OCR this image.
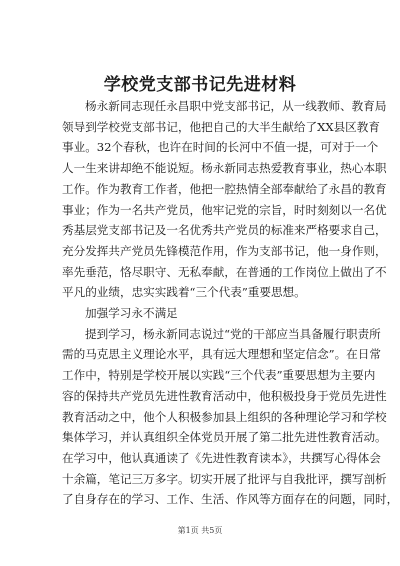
学校党支部书记先进材料

杨永新同志现任永昌职中党支部书记，从一线教师、教育局
领导到学校党支部书记，他把自己的大半生献给了XX县区教育
事业。32个春秋，也许在时间的长河中不值一提，可对于一个
人一生来讲却绝不能说短。杨永新同志热爱教育事业，热心本职
工作。作为教育工作者，他把一腔热情全部奉献给了永昌的教育
事业；作为一名共产党员，他牢记党的宗旨，时时刻刻以一名优
秀基层党支部书记及一名优秀共产党员的标准来严格要求自己，
充分发挥共产党员先锋模范作用，作为支部书记，他一身作则，
率先垂范，恪尽职守、无私奉献，在普通的工作岗位上做出了不
平凡的业绩，忠实实践着“三个代表”重要思想。

加强学习永不满足

提到学习，杨永新同志说过“党的干部应当具备履行职责所
需的马克思主义理论水平，具有远大理想和坚定信念”。在日常
工作中，特别是学校开展以实践“三个代表”重要思想为主要内
容的保持共产党员先进性教育活动中，他积极投身于党员先进性
教育活动之中，他个人积极参加县上组织的各种理论学习和学校
集体学习，并认真组织全体党员开展了第二批先进性教育活动。
在学习中，他认真通读了《先进性教育读本》，共撰写心得体会
十余篇，笔记三万多字。切实开展了批评与自我批评，撰写剖析
了自身存在的学习、工作、生活、作风等方面存在的问题，同时，

第1页 共5页
